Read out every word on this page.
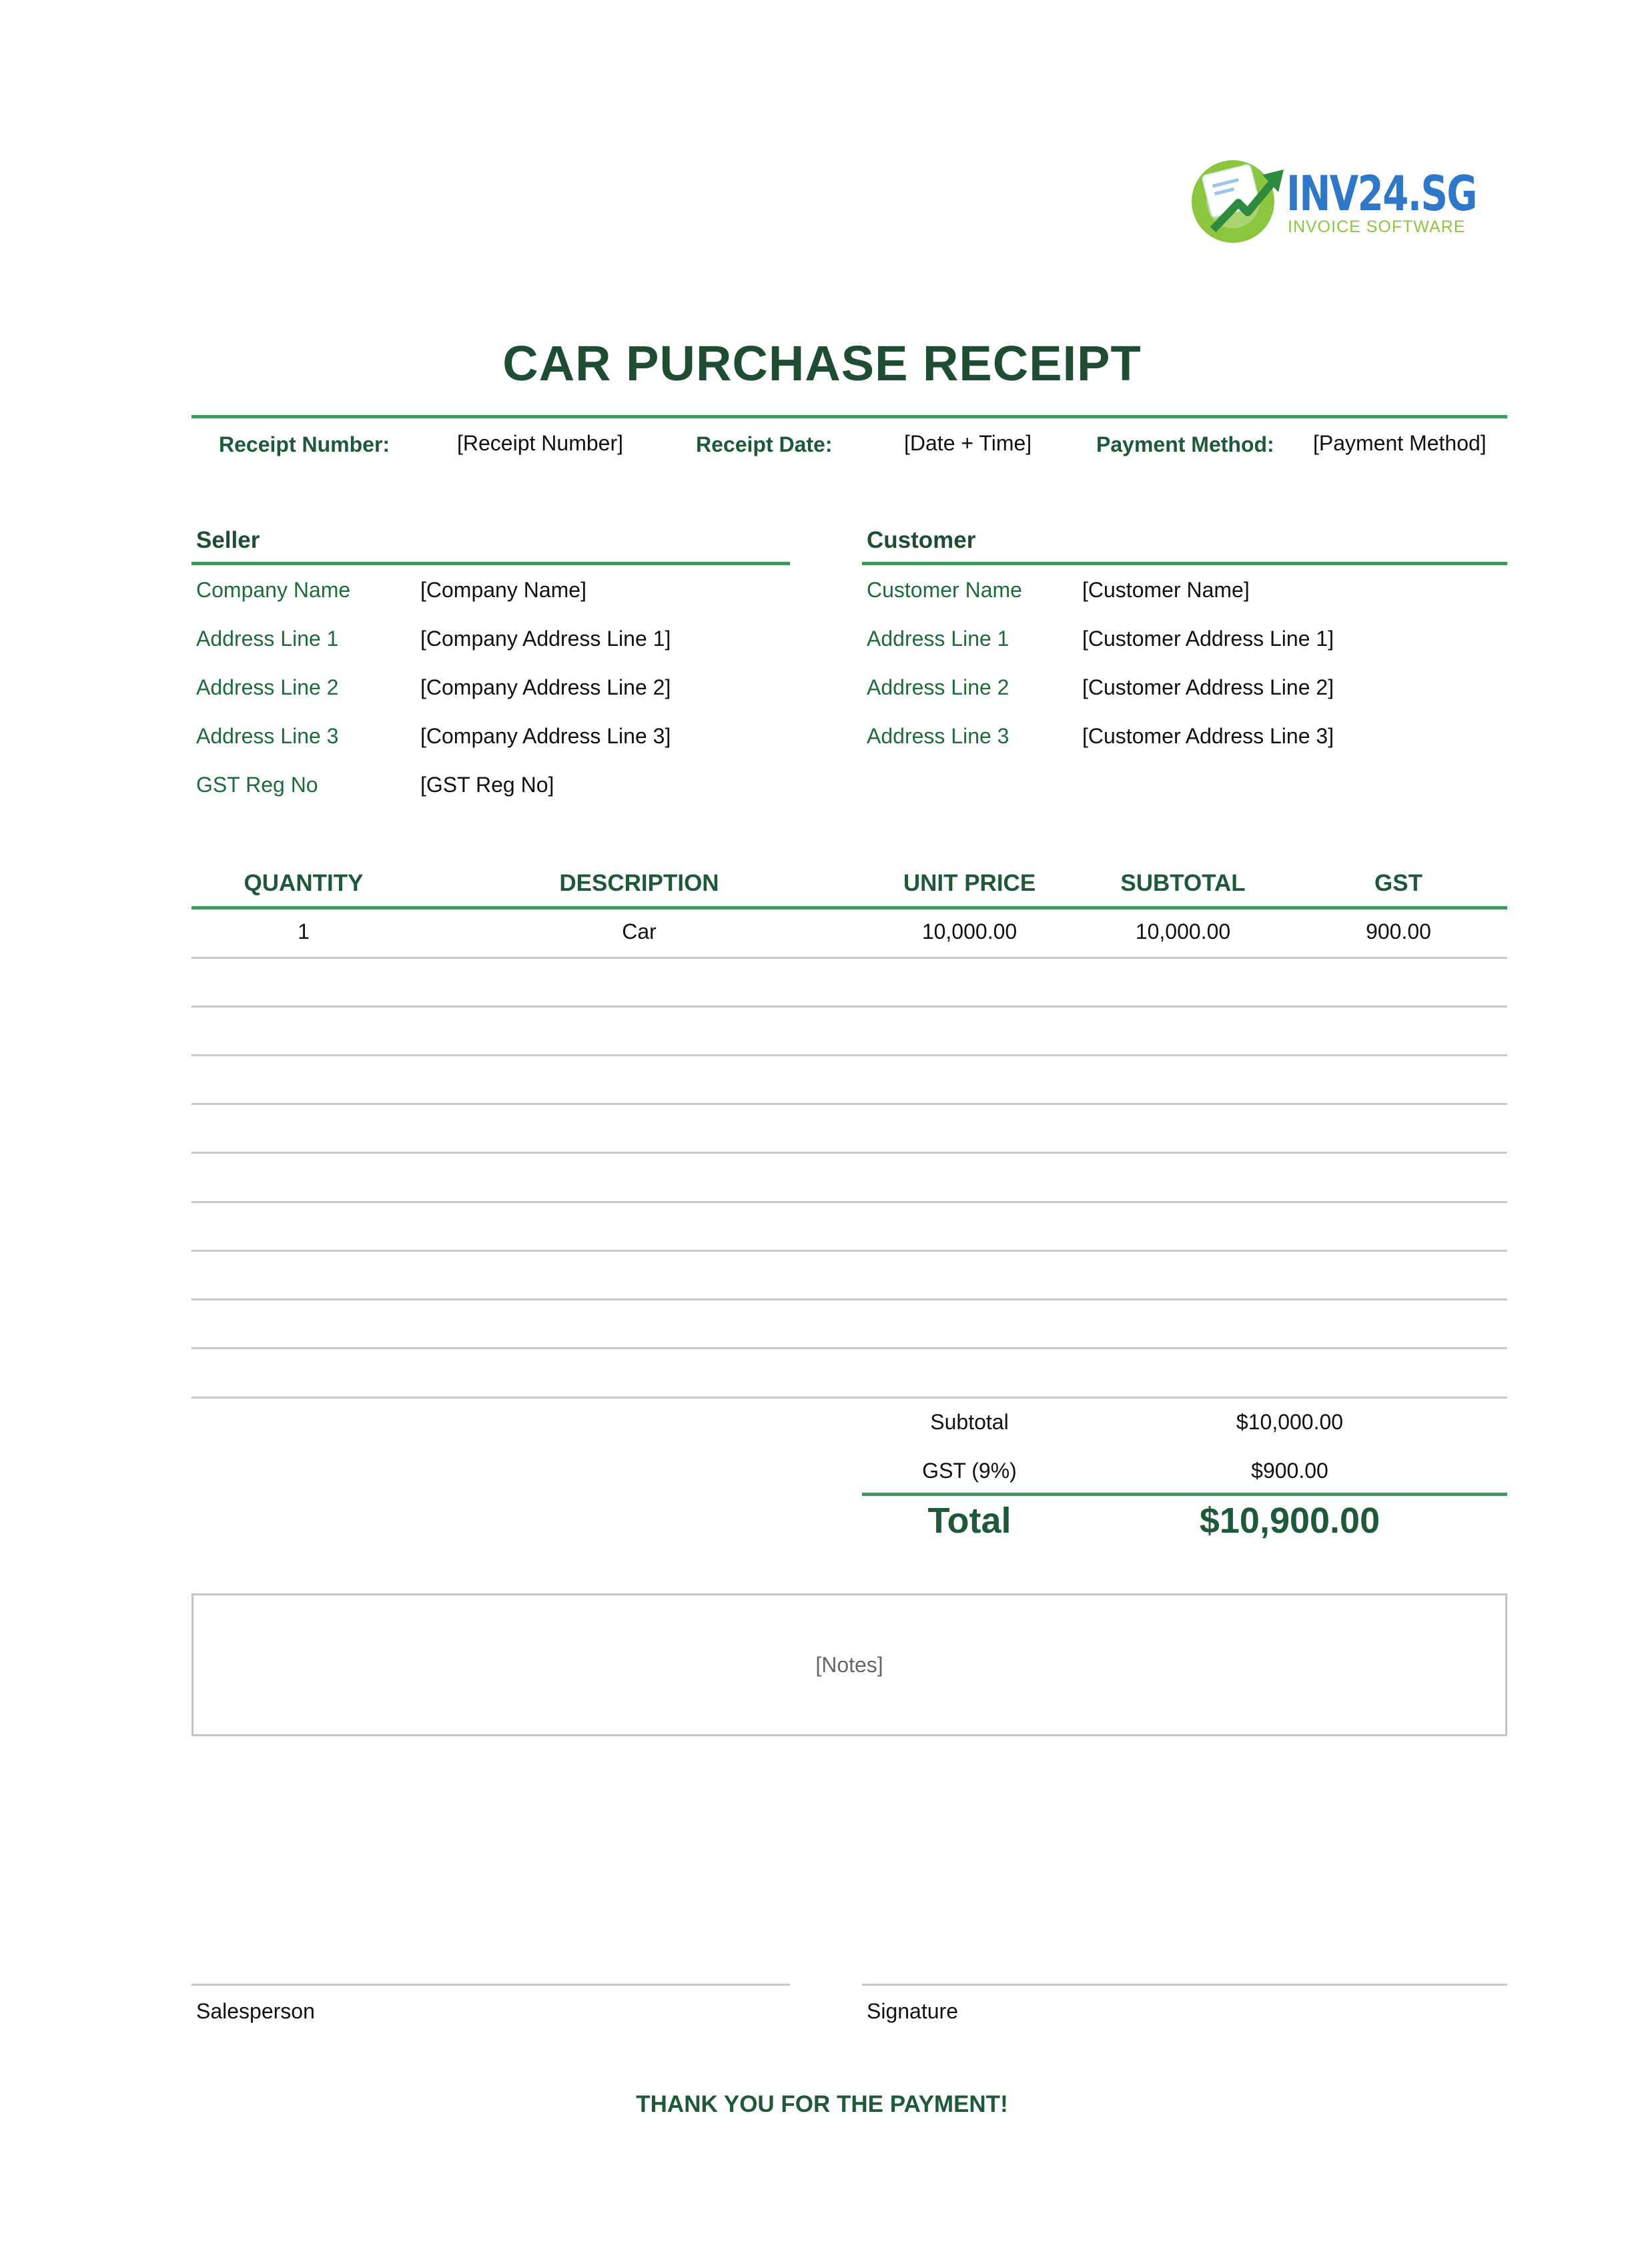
INV24.SG
INVOICE SOFTWARE
CAR PURCHASE RECEIPT
Receipt Number:	[Receipt Number]	Receipt Date:	[Date + Time]	Payment Method: [Payment Method]
Seller
Company Name	[Company Name]
Address Line 1	[Company Address Line 1]
Address Line 2	[Company Address Line 2]
Address Line 3	[Company Address Line 3]
GST Reg No	[GST Reg No]
Customer
Customer Name	[Customer Name]
Address Line 1	[Customer Address Line 1]
Address Line 2	[Customer Address Line 2]
Address Line 3	[Customer Address Line 3]
QUANTITY	DESCRIPTION	UNIT PRICE	SUBTOTAL	GST
1	Car	10,000.00	10,000.00	900.00
Subtotal	$10,000.00
GST (9%)	$900.00
Total	$10,900.00
[Notes]
Salesperson	Signature
THANK YOU FOR THE PAYMENT!
